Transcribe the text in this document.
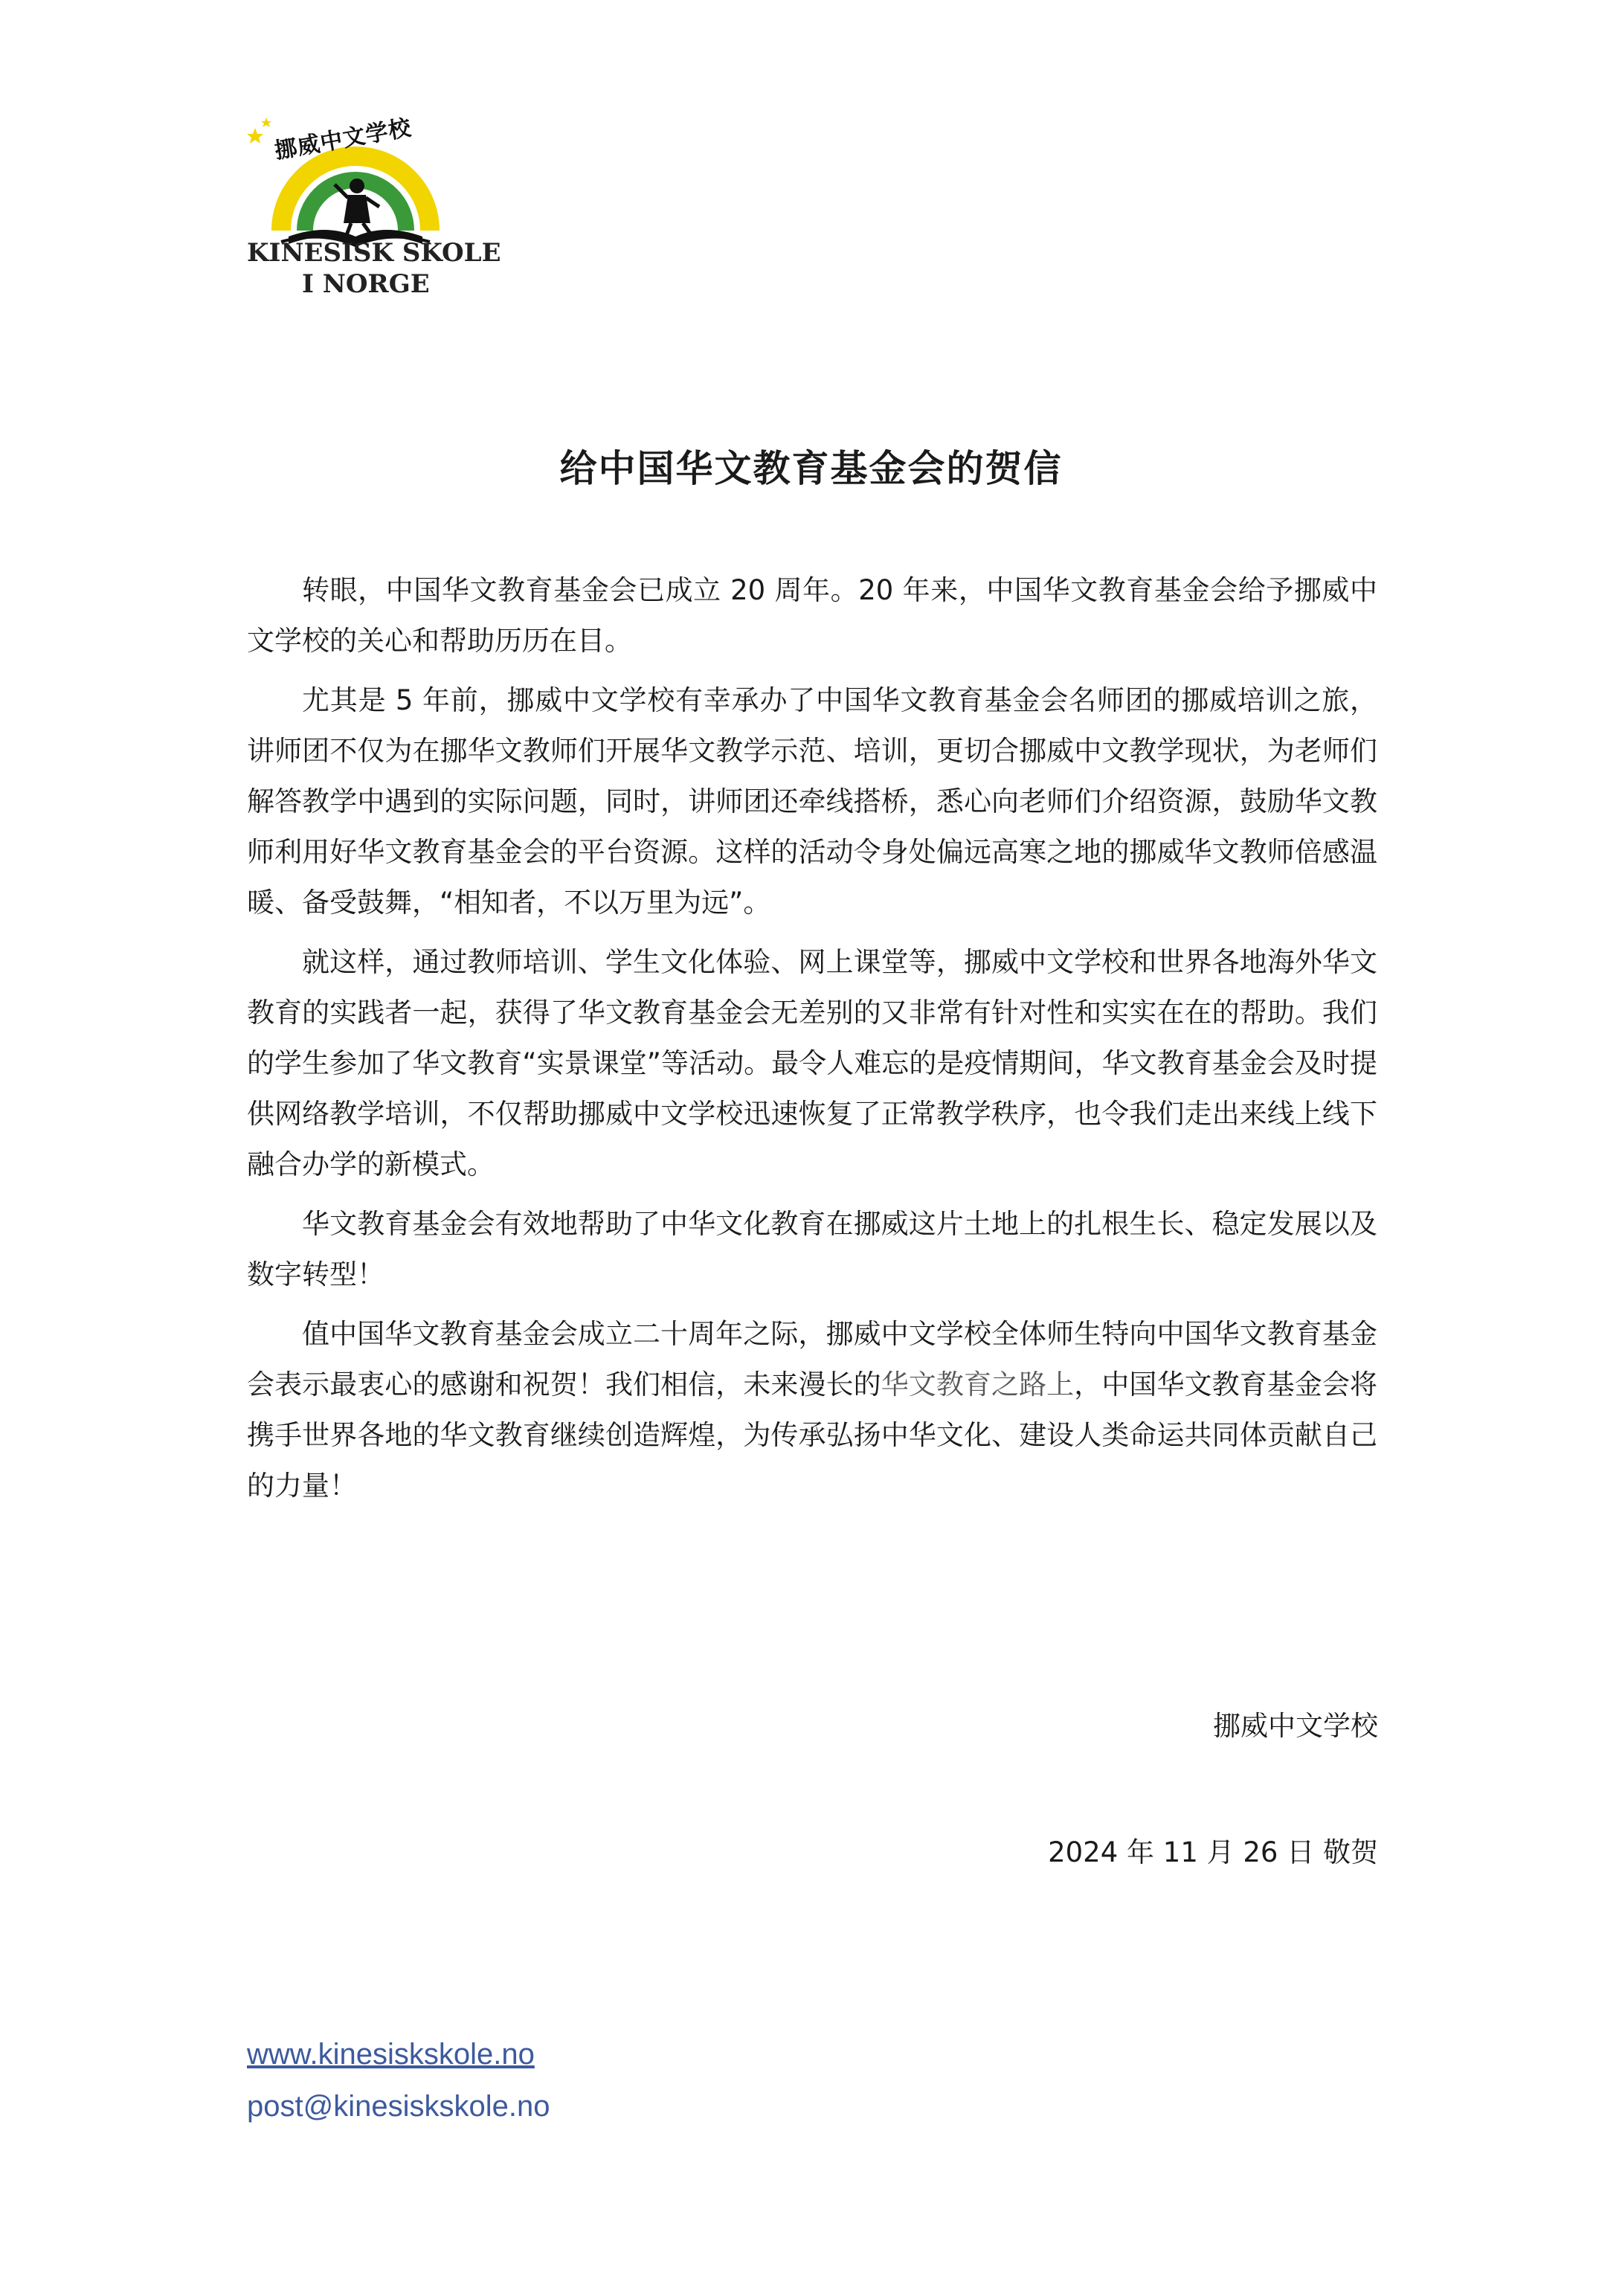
挪威中文学校
KINESISK SKOLE
I NORGE
给中国华文教育基金会的贺信

转眼，中国华文教育基金会已成立 20 周年。20 年来，中国华文教育基金会给予挪威中文学校的关心和帮助历历在目。

尤其是 5 年前，挪威中文学校有幸承办了中国华文教育基金会名师团的挪威培训之旅，讲师团不仅为在挪华文教师们开展华文教学示范、培训，更切合挪威中文教学现状，为老师们解答教学中遇到的实际问题，同时，讲师团还牵线搭桥，悉心向老师们介绍资源，鼓励华文教师利用好华文教育基金会的平台资源。这样的活动令身处偏远高寒之地的挪威华文教师倍感温暖、备受鼓舞，“相知者，不以万里为远”。

就这样，通过教师培训、学生文化体验、网上课堂等，挪威中文学校和世界各地海外华文教育的实践者一起，获得了华文教育基金会无差别的又非常有针对性和实实在在的帮助。我们的学生参加了华文教育“实景课堂”等活动。最令人难忘的是疫情期间，华文教育基金会及时提供网络教学培训，不仅帮助挪威中文学校迅速恢复了正常教学秩序，也令我们走出来线上线下融合办学的新模式。

华文教育基金会有效地帮助了中华文化教育在挪威这片土地上的扎根生长、稳定发展以及数字转型！

值中国华文教育基金会成立二十周年之际，挪威中文学校全体师生特向中国华文教育基金会表示最衷心的感谢和祝贺！我们相信，未来漫长的华文教育之路上，中国华文教育基金会将携手世界各地的华文教育继续创造辉煌，为传承弘扬中华文化、建设人类命运共同体贡献自己的力量！

挪威中文学校
2024 年 11 月 26 日 敬贺
www.kinesiskskole.no
post@kinesiskskole.no
